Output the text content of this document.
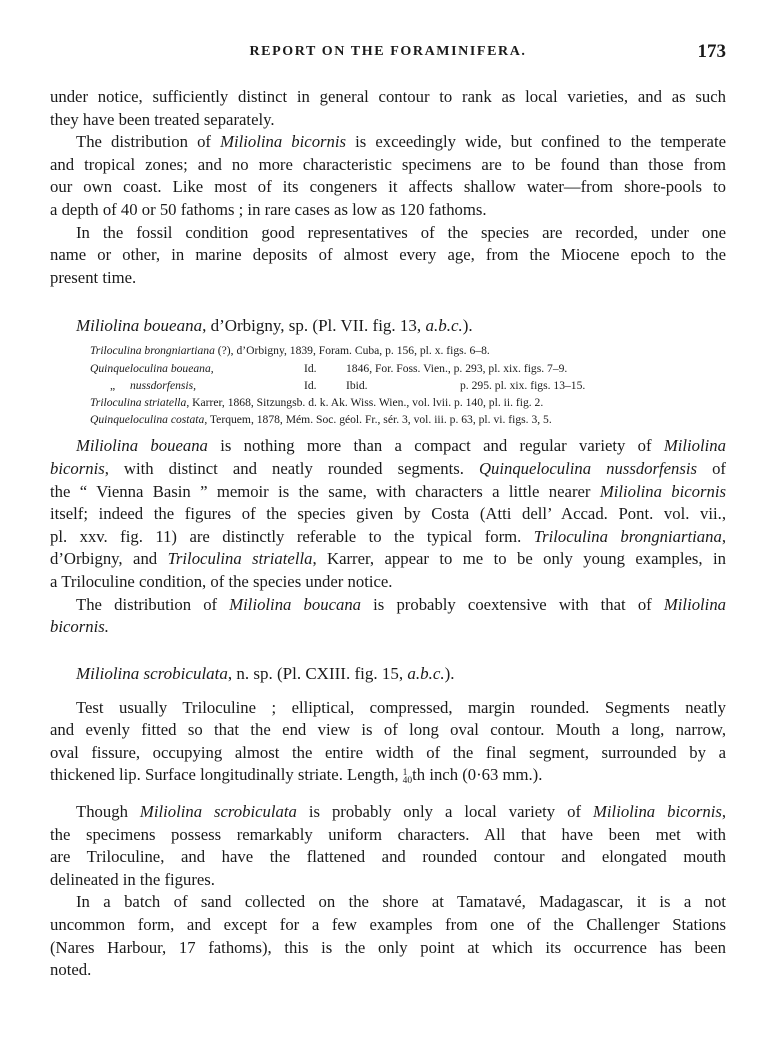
REPORT ON THE FORAMINIFERA.	173

under notice, sufficiently distinct in general contour to rank as local varieties, and as such

they have been treated separately.

The distribution of Miliolina bicornis is exceedingly wide, but confined to the temperate

and tropical zones; and no more characteristic specimens are to be found than those from

our own coast. Like most of its congeners it affects shallow water—from shore-pools to

a depth of 40 or 50 fathoms ; in rare cases as low as 120 fathoms.

In the fossil condition good representatives of the species are recorded, under one

name or other, in marine deposits of almost every age, from the Miocene epoch to the

present time.

Miliolina boueana, d’Orbigny, sp. (Pl. VII. fig. 13, a.b.c.).
Triloculina brongniartiana (?), d’Orbigny, 1839, Foram. Cuba, p. 156, pl. x. figs. 6–8.
Quinqueloculina boueana,	Id.	1846, For. Foss. Vien., p. 293, pl. xix. figs. 7–9.
„ nussdorfensis,	Id.	Ibid.	p. 295. pl. xix. figs. 13–15.
Triloculina striatella, Karrer, 1868, Sitzungsb. d. k. Ak. Wiss. Wien., vol. lvii. p. 140, pl. ii. fig. 2.
Quinqueloculina costata, Terquem, 1878, Mém. Soc. géol. Fr., sér. 3, vol. iii. p. 63, pl. vi. figs. 3, 5.

Miliolina boueana is nothing more than a compact and regular variety of Miliolina

bicornis, with distinct and neatly rounded segments. Quinqueloculina nussdorfensis of

the “ Vienna Basin ” memoir is the same, with characters a little nearer Miliolina bicornis

itself; indeed the figures of the species given by Costa (Atti dell’ Accad. Pont. vol. vii.,

pl. xxv. fig. 11) are distinctly referable to the typical form. Triloculina brongniartiana,

d’Orbigny, and Triloculina striatella, Karrer, appear to me to be only young examples, in

a Triloculine condition, of the species under notice.

The distribution of Miliolina boucana is probably coextensive with that of Miliolina

bicornis.

Miliolina scrobiculata, n. sp. (Pl. CXIII. fig. 15, a.b.c.).

Test usually Triloculine ; elliptical, compressed, margin rounded. Segments neatly

and evenly fitted so that the end view is of long oval contour. Mouth a long, narrow,

oval fissure, occupying almost the entire width of the final segment, surrounded by a

thickened lip. Surface longitudinally striate. Length, 1
40th inch (0·63 mm.).

Though Miliolina scrobiculata is probably only a local variety of Miliolina bicornis,

the specimens possess remarkably uniform characters. All that have been met with

are Triloculine, and have the flattened and rounded contour and elongated mouth

delineated in the figures.

In a batch of sand collected on the shore at Tamatavé, Madagascar, it is a not

uncommon form, and except for a few examples from one of the Challenger Stations

(Nares Harbour, 17 fathoms), this is the only point at which its occurrence has been

noted.
